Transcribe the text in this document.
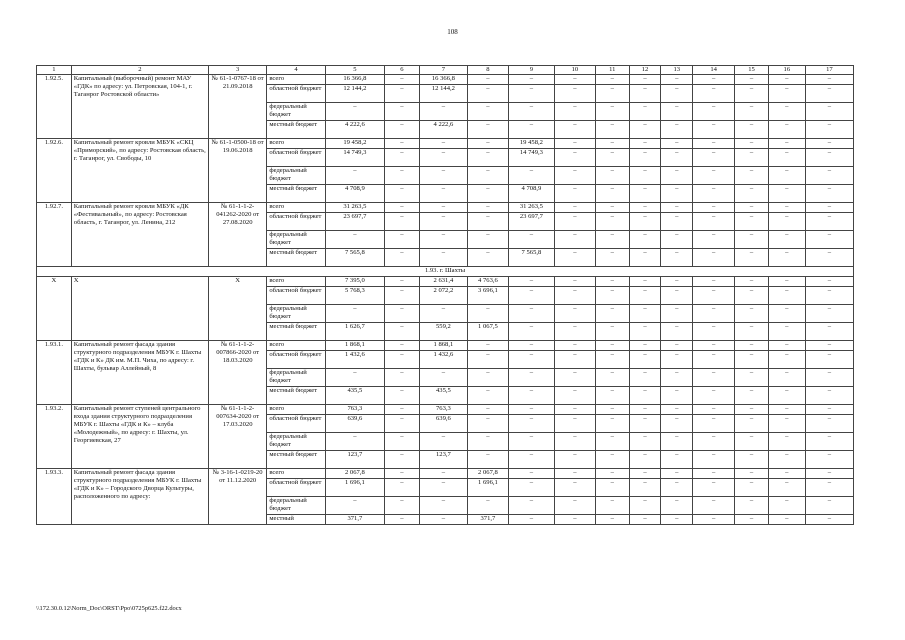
108
1	2	3	4	5	6	7	8	9	10	11	12	13	14	15	16	17
1.92.5.	Капитальный (выборочный) ремонт МАУ «ГДК» по адресу: ул. Петровская, 104-1, г. Таганрог Ростовской области»	№ 61-1-0767-18 от 21.09.2018	всего	16 366,8	–	16 366,8	–	–	–	–	–	–	–	–	–	–
			областной бюджет	12 144,2	–	12 144,2	–	–	–	–	–	–	–	–	–	–
			федеральный бюджет	–	–	–	–	–	–	–	–	–	–	–	–	–
			местный бюджет	4 222,6	–	4 222,6	–	–	–	–	–	–	–	–	–	–
1.92.6.	Капитальный ремонт кровли МБУК «СКЦ «Приморский», по адресу: Ростовская область, г. Таганрог, ул. Свободы, 10	№ 61-1-0500-18 от 19.06.2018	всего	19 458,2	–	–	–	19 458,2	–	–	–	–	–	–	–	–
			областной бюджет	14 749,3	–	–	–	14 749,3	–	–	–	–	–	–	–	–
			федеральный бюджет	–	–	–	–	–	–	–	–	–	–	–	–	–
			местный бюджет	4 708,9	–	–	–	4 708,9	–	–	–	–	–	–	–	–
1.92.7.	Капитальный ремонт кровли МБУК «ДК «Фестивальный», по адресу: Ростовская область, г. Таганрог, ул. Ленина, 212	№ 61-1-1-2-041262-2020 от 27.08.2020	всего	31 263,5	–	–	–	31 263,5	–	–	–	–	–	–	–	–
			областной бюджет	23 697,7	–	–	–	23 697,7	–	–	–	–	–	–	–	–
			федеральный бюджет	–	–	–	–	–	–	–	–	–	–	–	–	–
			местный бюджет	7 565,8	–	–	–	7 565,8	–	–	–	–	–	–	–	–
1.93. г. Шахты																
Х	Х	Х	всего	7 395,0	–	2 631,4	4 763,6	–	–	–	–	–	–	–	–	–
			областной бюджет	5 768,3	–	2 072,2	3 696,1	–	–	–	–	–	–	–	–	–
			федеральный бюджет	–	–	–	–	–	–	–	–	–	–	–	–	–
			местный бюджет	1 626,7	–	559,2	1 067,5	–	–	–	–	–	–	–	–	–
1.93.1.	Капитальный ремонт фасада здания структурного подразделения МБУК г. Шахты «ГДК и К» ДК им. М.П. Чиха, по адресу: г. Шахты, бульвар Аллейный, 8	№ 61-1-1-2-007866-2020 от 18.03.2020	всего	1 868,1	–	1 868,1	–	–	–	–	–	–	–	–	–	–
			областной бюджет	1 432,6	–	1 432,6	–	–	–	–	–	–	–	–	–	–
			федеральный бюджет	–	–	–	–	–	–	–	–	–	–	–	–	–
			местный бюджет	435,5	–	435,5	–	–	–	–	–	–	–	–	–	–
1.93.2.	Капитальный ремонт ступеней центрального входа здания структурного подразделения МБУК г. Шахты «ГДК и К» – клуба «Молодежный», по адресу: г. Шахты, ул. Георгиевская, 27	№ 61-1-1-2-007634-2020 от 17.03.2020	всего	763,3	–	763,3	–	–	–	–	–	–	–	–	–	–
			областной бюджет	639,6	–	639,6	–	–	–	–	–	–	–	–	–	–
			федеральный бюджет	–	–	–	–	–	–	–	–	–	–	–	–	–
			местный бюджет	123,7	–	123,7	–	–	–	–	–	–	–	–	–	–
1.93.3.	Капитальный ремонт фасада здания структурного подразделения МБУК г. Шахты «ГДК и К» – Городского Дворца Культуры, расположенного по адресу:	№ 3-16-1-0219-20 от 11.12.2020	всего	2 067,8	–	–	2 067,8	–	–	–	–	–	–	–	–	–
			областной бюджет	1 696,1	–	–	1 696,1	–	–	–	–	–	–	–	–	–
			федеральный бюджет	–	–	–	–	–	–	–	–	–	–	–	–	–
			местный	371,7	–	–	371,7	–	–	–	–	–	–	–	–	–
\\172.30.0.12\Norm_Doc\ORST\Ppo\0725p625.f22.docx
